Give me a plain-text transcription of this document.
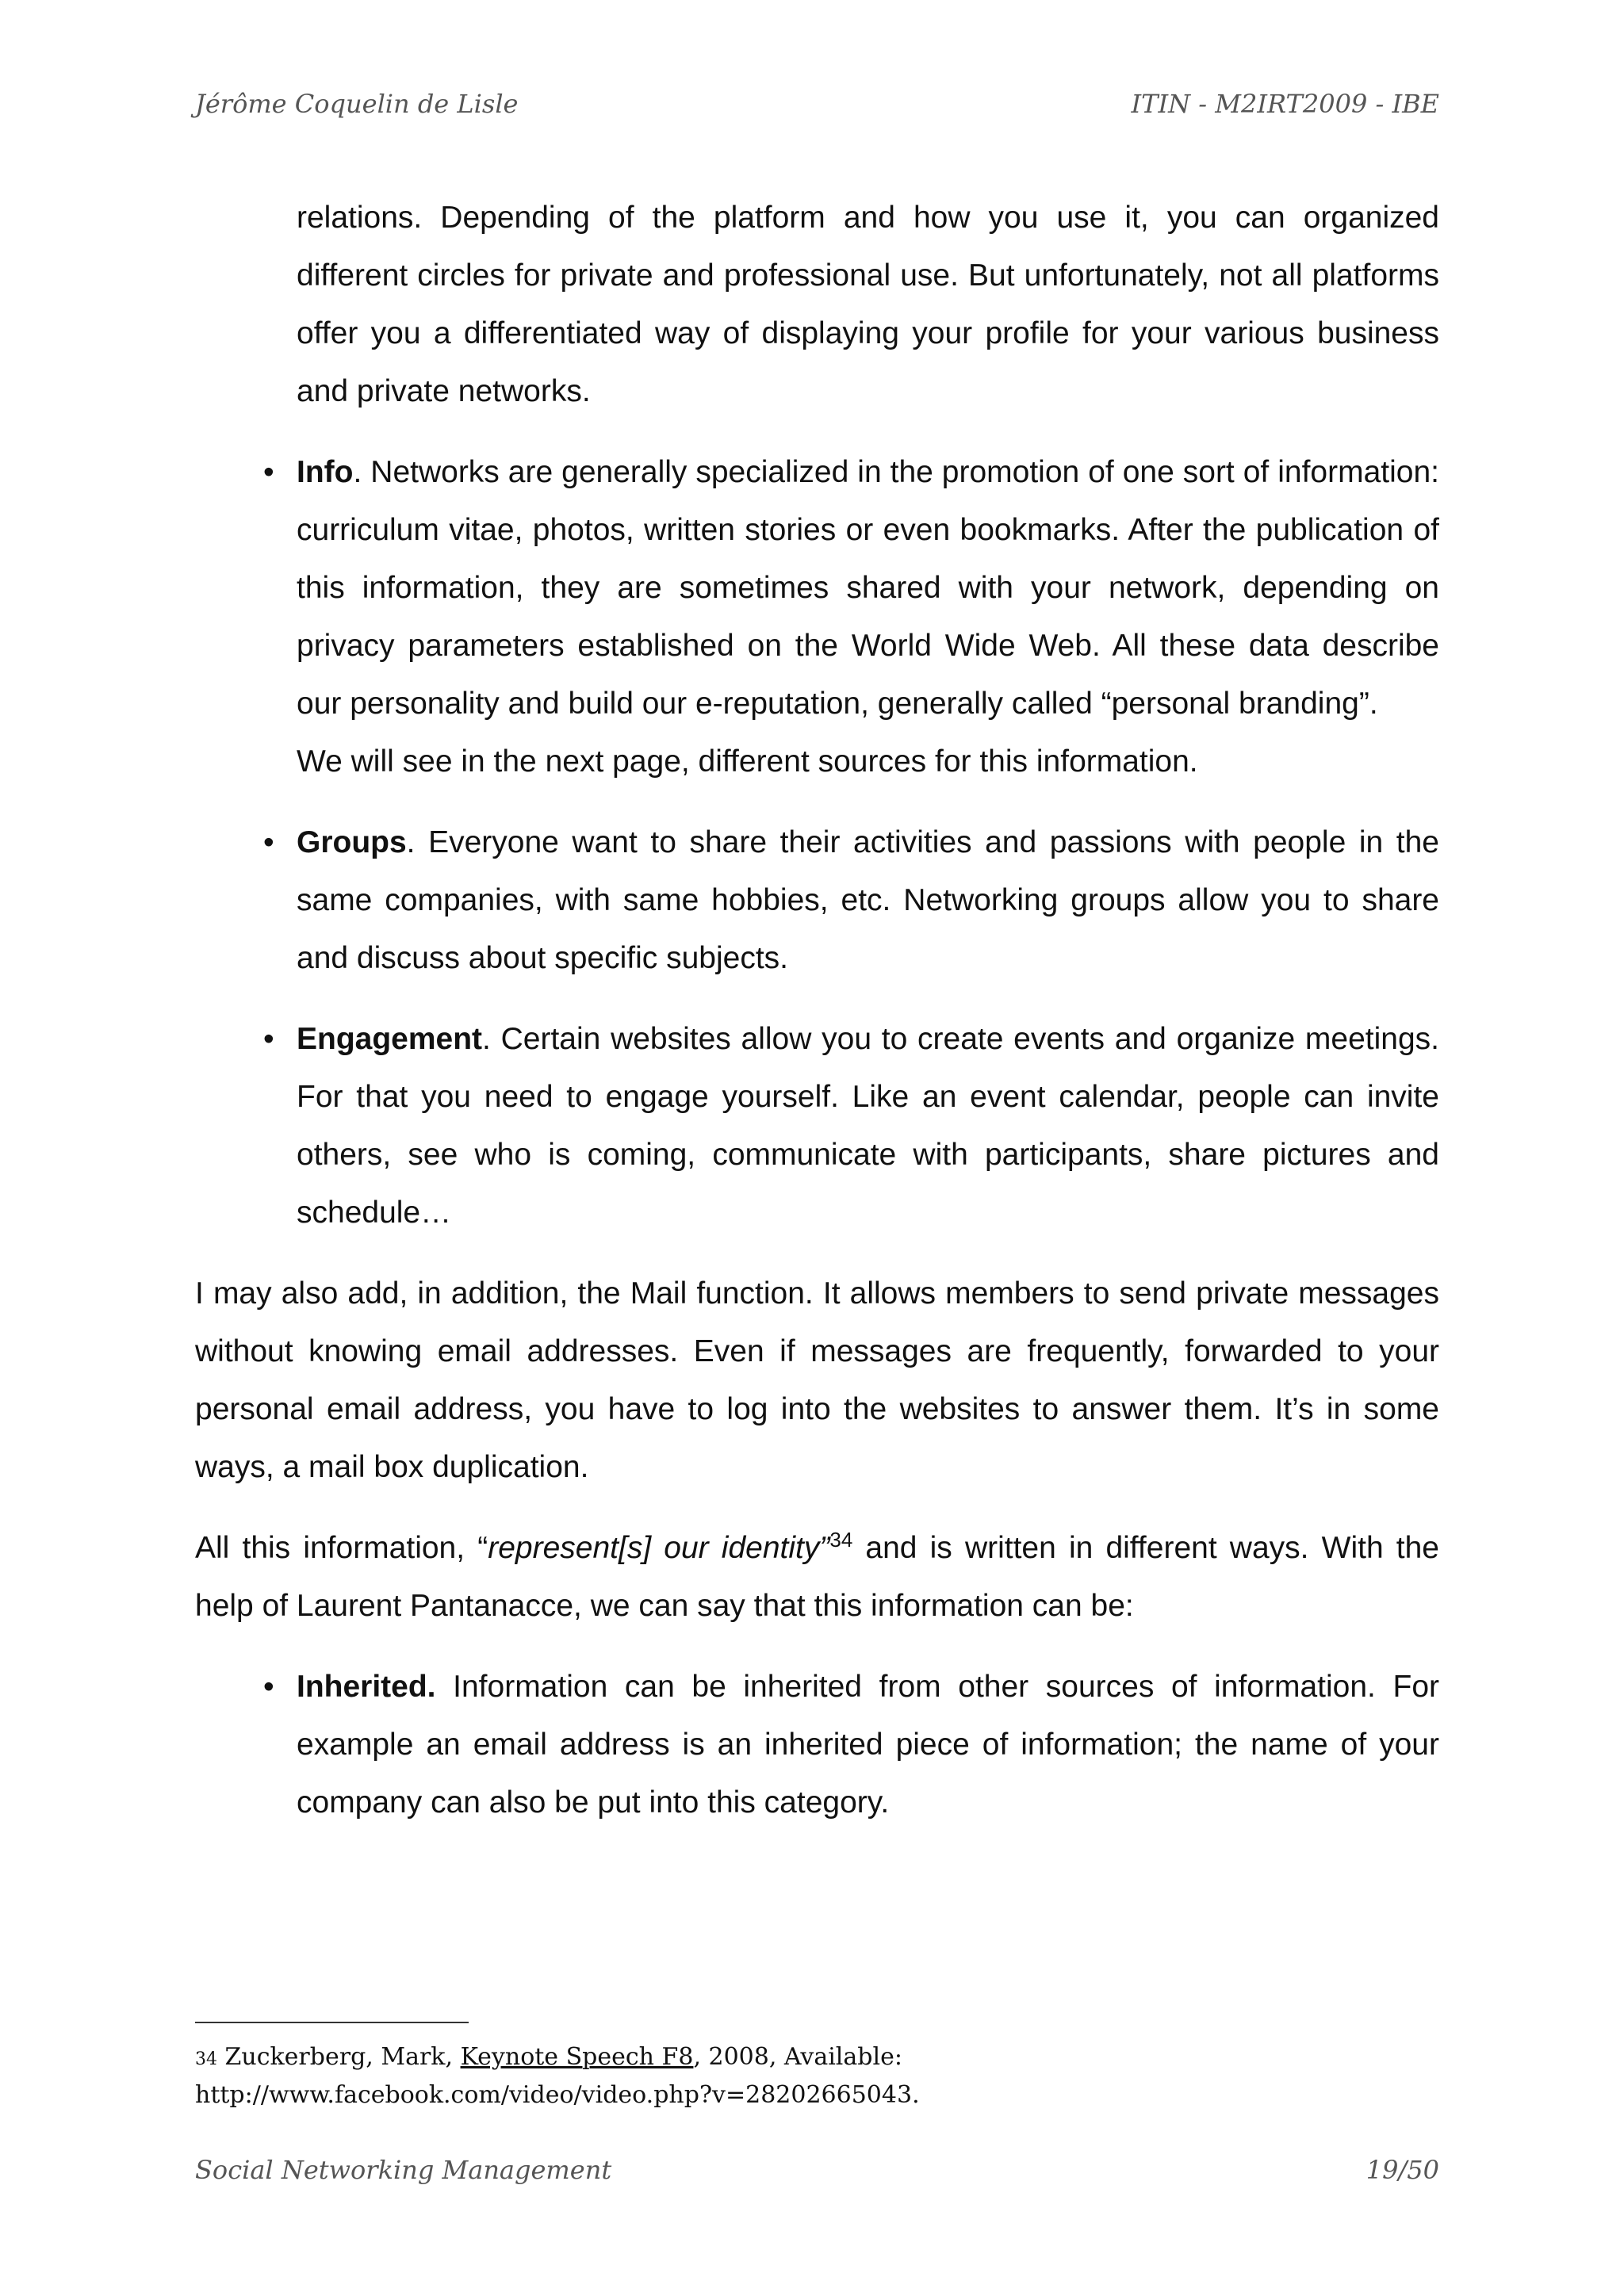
Jérôme Coquelin de Lisle	ITIN - M2IRT2009 - IBE

relations. Depending of the platform and how you use it, you can organized different circles for private and professional use. But unfortunately, not all platforms offer you a differentiated way of displaying your profile for your various business and private networks.

• Info. Networks are generally specialized in the promotion of one sort of information: curriculum vitae, photos, written stories or even bookmarks. After the publication of this information, they are sometimes shared with your network, depending on privacy parameters established on the World Wide Web. All these data describe our personality and build our e-reputation, generally called “personal branding”.
We will see in the next page, different sources for this information.
• Groups. Everyone want to share their activities and passions with people in the same companies, with same hobbies, etc. Networking groups allow you to share and discuss about specific subjects.
• Engagement. Certain websites allow you to create events and organize meetings. For that you need to engage yourself. Like an event calendar, people can invite others, see who is coming, communicate with participants, share pictures and schedule…

I may also add, in addition, the Mail function. It allows members to send private messages without knowing email addresses. Even if messages are frequently, forwarded to your personal email address, you have to log into the websites to answer them. It’s in some ways, a mail box duplication.

All this information, “represent[s] our identity”$^{34}$ and is written in different ways. With the help of Laurent Pantanacce, we can say that this information can be:

• Inherited. Information can be inherited from other sources of information. For example an email address is an inherited piece of information; the name of your company can also be put into this category.
34 Zuckerberg, Mark, Keynote Speech F8, 2008, Available:
http://www.facebook.com/video/video.php?v=28202665043.
Social Networking Management	19/50
